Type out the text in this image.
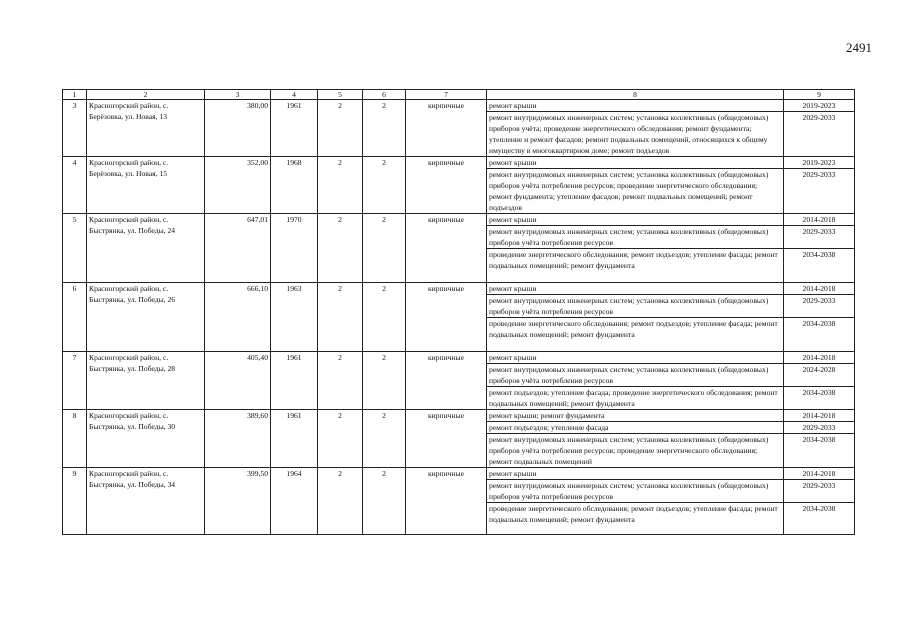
2491
1	2	3	4	5	6	7	8	9
3	Красногорский район, с. Берёзовка, ул. Новая, 13	380,00	1961	2	2	кирпичные	ремонт крыши	2019-2023
							ремонт внутридомовых инженерных систем; установка коллективных (общедомовых) приборов учёта; проведение энергетического обследования; ремонт фундамента; утепление и ремонт фасадов; ремонт подвальных помещений, относящихся к общему имуществу в многоквартирном доме; ремонт подъездов	2029-2033
4	Красногорский район, с. Берёзовка, ул. Новая, 15	352,00	1968	2	2	кирпичные	ремонт крыши	2019-2023
							ремонт внутридомовых инженерных систем; установка коллективных (общедомовых) приборов учёта потребления ресурсов; проведение энергетического обследования; ремонт фундамента; утепление фасадов; ремонт подвальных помещений; ремонт подъездов	2029-2033
5	Красногорский район, с. Быстрянка, ул. Победы, 24	647,01	1970	2	2	кирпичные	ремонт крыши	2014-2018
							ремонт внутридомовых инженерных систем; установка коллективных (общедомовых) приборов учёта потребления ресурсов	2029-2033
							проведение энергетического обследования; ремонт подъездов; утепление фасада; ремонт подвальных помещений; ремонт фундамента	2034-2038
6	Красногорский район, с. Быстрянка, ул. Победы, 26	666,10	1963	2	2	кирпичные	ремонт крыши	2014-2018
							ремонт внутридомовых инженерных систем; установка коллективных (общедомовых) приборов учёта потребления ресурсов	2029-2033
							проведение энергетического обследования; ремонт подъездов; утепление фасада; ремонт подвальных помещений; ремонт фундамента	2034-2038
7	Красногорский район, с. Быстрянка, ул. Победы, 28	405,40	1961	2	2	кирпичные	ремонт крыши	2014-2018
							ремонт внутридомовых инженерных систем; установка коллективных (общедомовых) приборов учёта потребления ресурсов	2024-2028
							ремонт подъездов; утепление фасада; проведение энергетического обследования; ремонт подвальных помещений; ремонт фундамента	2034-2038
8	Красногорский район, с. Быстрянка, ул. Победы, 30	389,60	1961	2	2	кирпичные	ремонт крыши; ремонт фундамента	2014-2018
							ремонт подъездов; утепление фасада	2029-2033
							ремонт внутридомовых инженерных систем; установка коллективных (общедомовых) приборов учёта потребления ресурсов; проведение энергетического обследования; ремонт подвальных помещений	2034-2038
9	Красногорский район, с. Быстрянка, ул. Победы, 34	399,50	1964	2	2	кирпичные	ремонт крыши	2014-2018
							ремонт внутридомовых инженерных систем; установка коллективных (общедомовых) приборов учёта потребления ресурсов	2029-2033
							проведение энергетического обследования; ремонт подъездов; утепление фасада; ремонт подвальных помещений; ремонт фундамента	2034-2038
